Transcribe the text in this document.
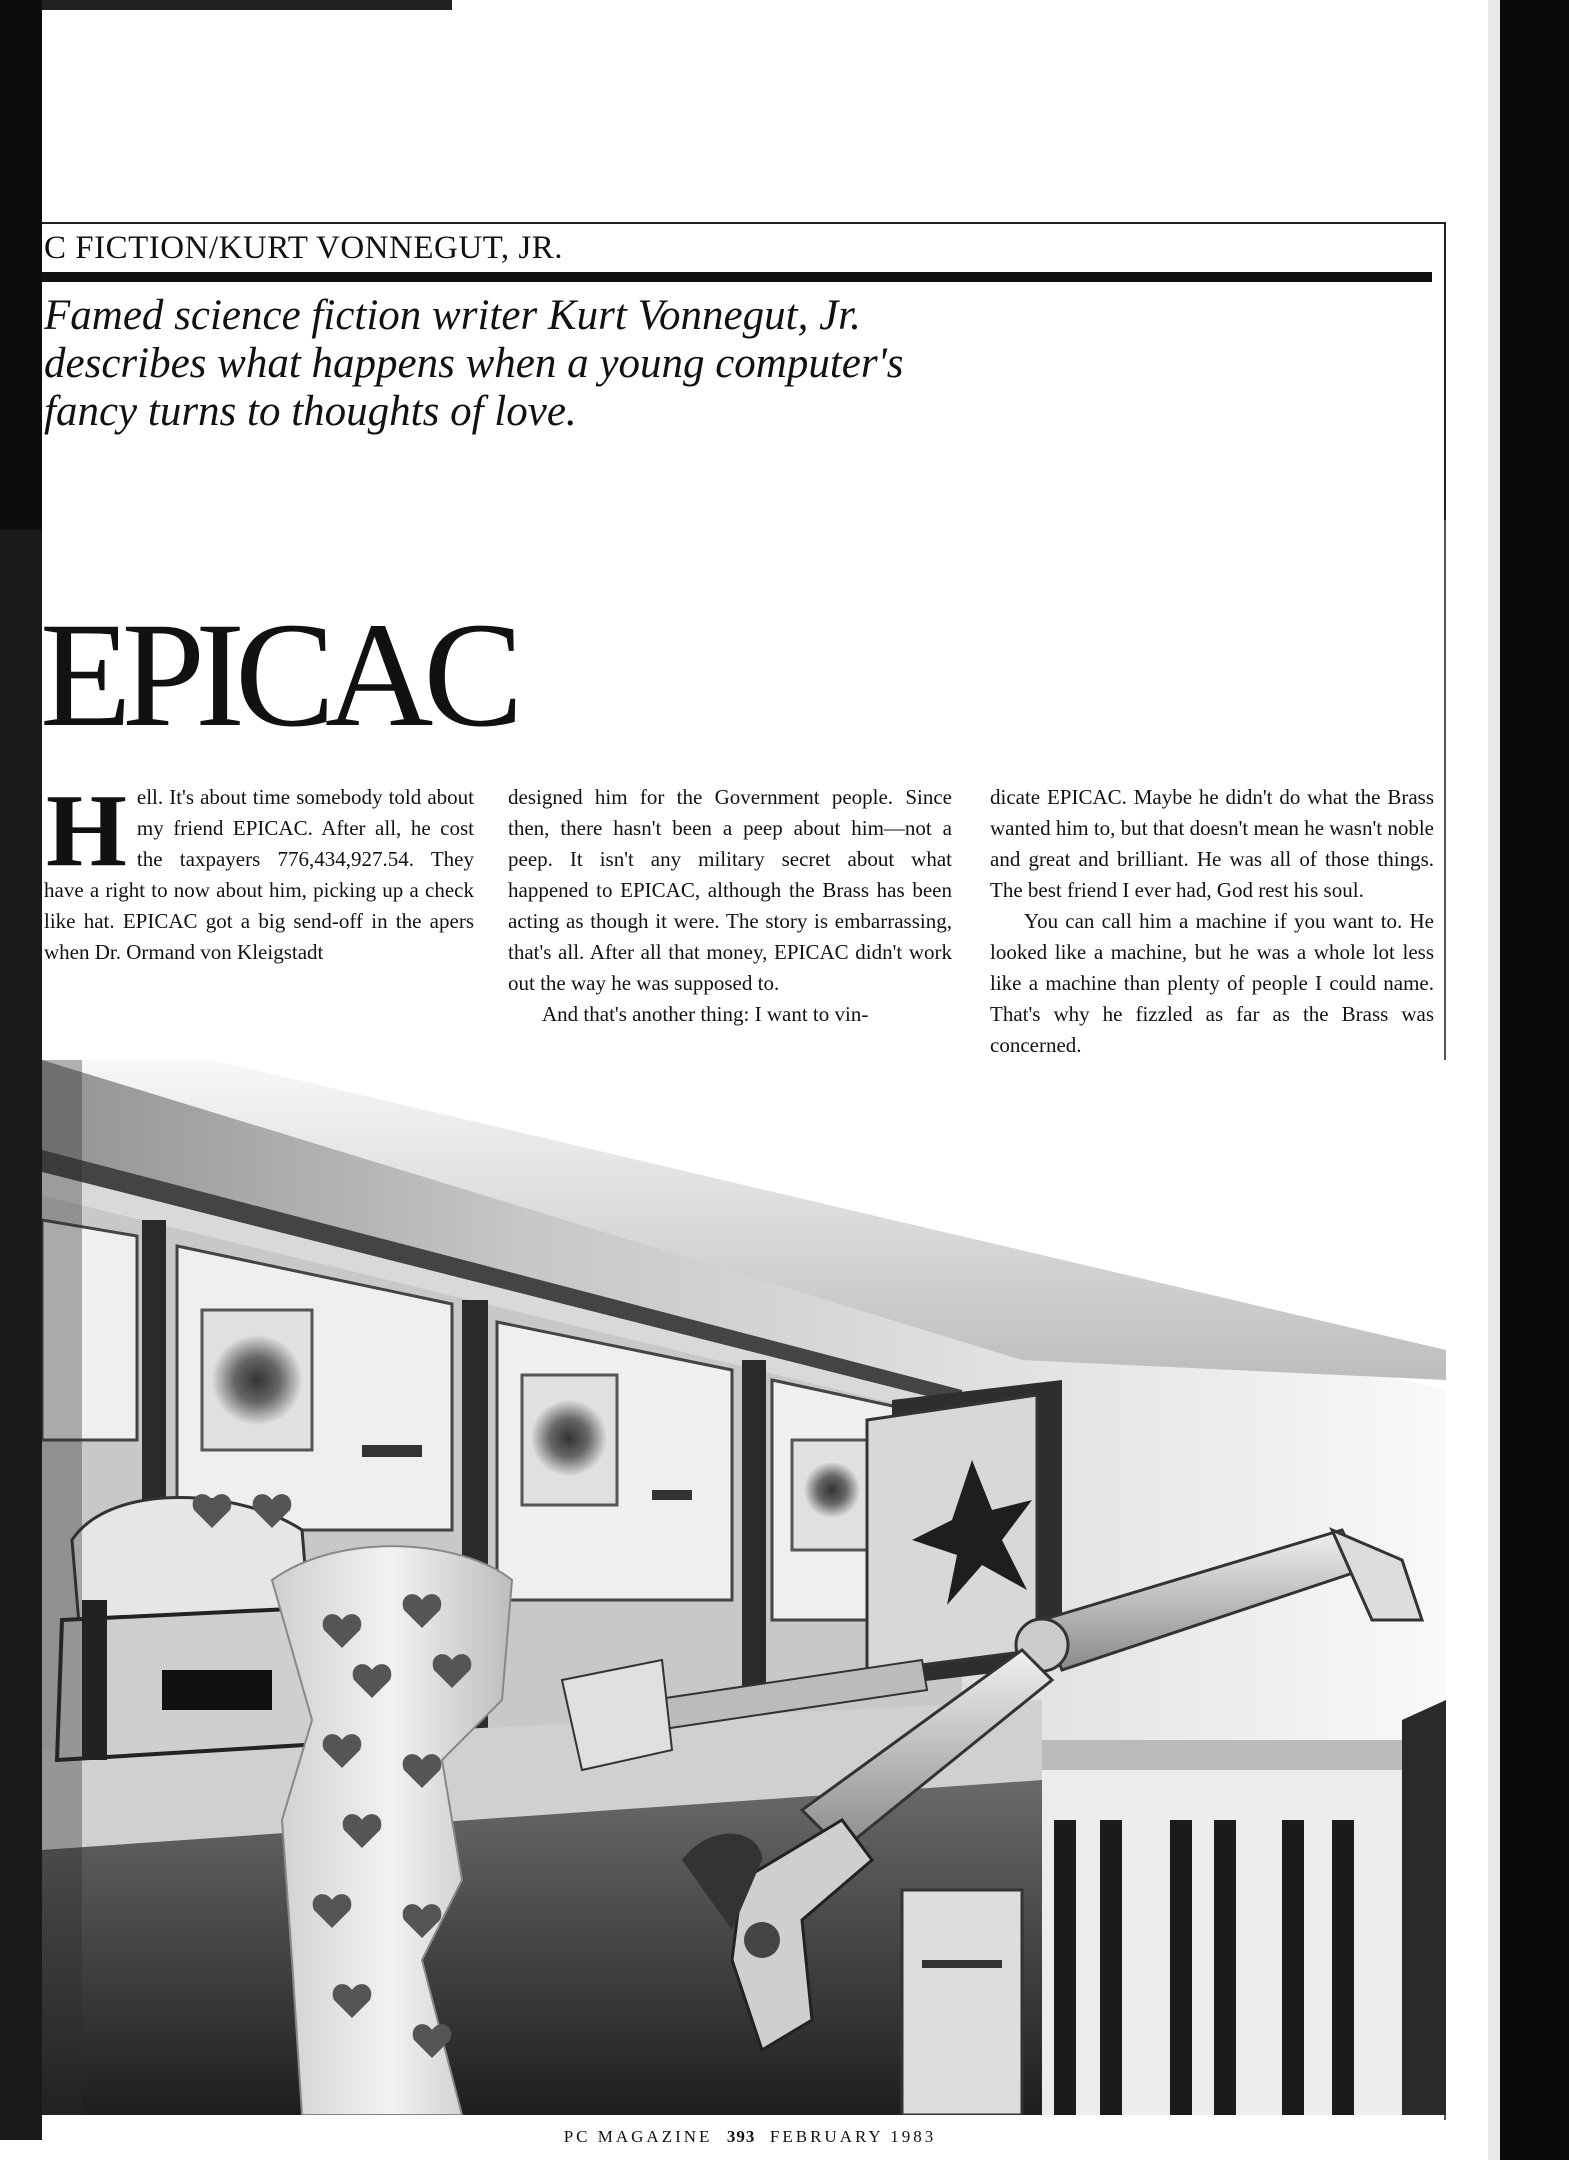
C FICTION/KURT VONNEGUT, JR.
Famed science fiction writer Kurt Vonnegut, Jr.
describes what happens when a young computer's
fancy turns to thoughts of love.
EPICAC
H ell. It's about time somebody told about my friend EPICAC. After all, he cost the taxpayers 776,434,927.54. They have a right to now about him, picking up a check like hat. EPICAC got a big send-off in the apers when Dr. Ormand von Kleigstadt

designed him for the Government people. Since then, there hasn't been a peep about him—not a peep. It isn't any military secret about what happened to EPICAC, although the Brass has been acting as though it were. The story is embarrassing, that's all. After all that money, EPICAC didn't work out the way he was supposed to.

And that's another thing: I want to vin-

dicate EPICAC. Maybe he didn't do what the Brass wanted him to, but that doesn't mean he wasn't noble and great and brilliant. He was all of those things. The best friend I ever had, God rest his soul.

You can call him a machine if you want to. He looked like a machine, but he was a whole lot less like a machine than plenty of people I could name. That's why he fizzled as far as the Brass was concerned.

PC MAGAZINE 393 FEBRUARY 1983
